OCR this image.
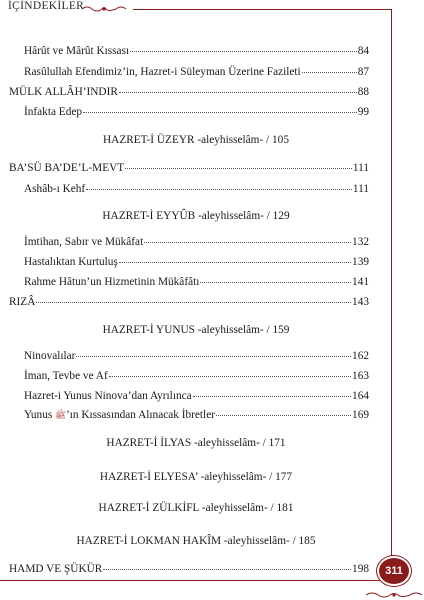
İÇİNDEKİLER
Hârût ve Mârût Kıssası	84
Rasûlullah Efendimiz’in, Hazret-i Süleyman Üzerine Fazileti	87
MÜLK ALLÂH’INDIR	88
İnfakta Edep	99
HAZRET-İ ÜZEYR -aleyhisselâm- / 105
BA’SÜ BA’DE’L-MEVT	111
Ashâb-ı Kehf	111
HAZRET-İ EYYÛB -aleyhisselâm- / 129
İmtihan, Sabır ve Mükâfat	132
Hastalıktan Kurtuluş	139
Rahme Hâtun’un Hizmetinin Mükâfâtı	141
RIZÂ	143
HAZRET-İ YUNUS -aleyhisselâm- / 159
Ninovalılar	162
İman, Tevbe ve Af	163
Hazret-i Yunus Ninova’dan Ayrılınca	164
Yunus ﷺ’ın Kıssasından Alınacak İbretler	169
HAZRET-İ İLYAS -aleyhisselâm- / 171
HAZRET-İ ELYESA’ -aleyhisselâm- / 177
HAZRET-İ ZÜLKİFL -aleyhisselâm- / 181
HAZRET-İ LOKMAN HAKÎM -aleyhisselâm- / 185
HAMD VE ŞÜKÜR	198	311
